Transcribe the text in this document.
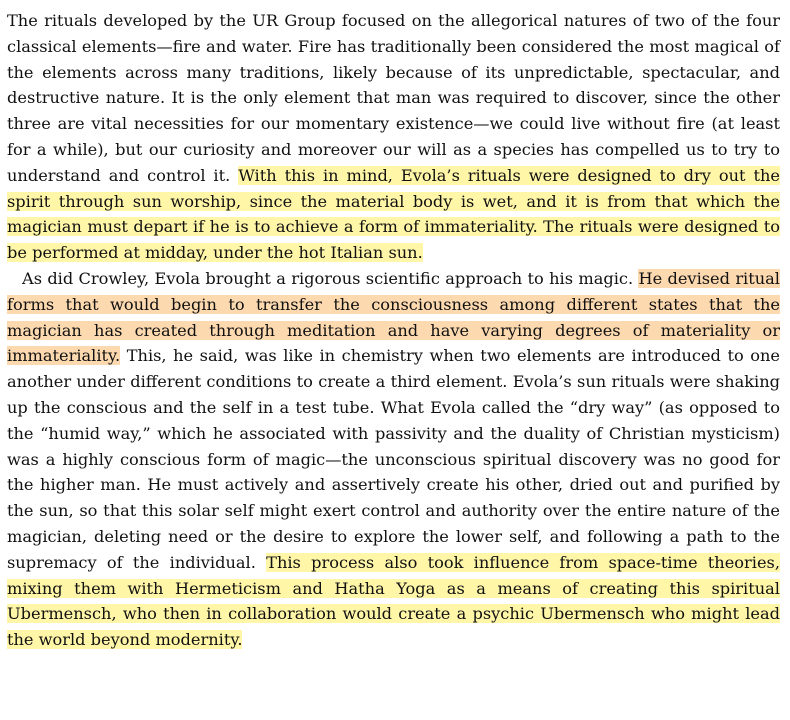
The rituals developed by the UR Group focused on the allegorical natures of two of the four classical elements—fire and water. Fire has traditionally been considered the most magical of the elements across many traditions, likely because of its unpredictable, spectacular, and destructive nature. It is the only element that man was required to discover, since the other three are vital necessities for our momentary existence—we could live without fire (at least for a while), but our curiosity and moreover our will as a species has compelled us to try to understand and control it. With this in mind, Evola’s rituals were designed to dry out the spirit through sun worship, since the material body is wet, and it is from that which the magician must depart if he is to achieve a form of immateriality. The rituals were designed to be performed at midday, under the hot Italian sun.

As did Crowley, Evola brought a rigorous scientific approach to his magic. He devised ritual forms that would begin to transfer the consciousness among different states that the magician has created through meditation and have varying degrees of materiality or immateriality. This, he said, was like in chemistry when two elements are introduced to one another under different conditions to create a third element. Evola’s sun rituals were shaking up the conscious and the self in a test tube. What Evola called the “dry way” (as opposed to the “humid way,” which he associated with passivity and the duality of Christian mysticism) was a highly conscious form of magic—the unconscious spiritual discovery was no good for the higher man. He must actively and assertively create his other, dried out and purified by the sun, so that this solar self might exert control and authority over the entire nature of the magician, deleting need or the desire to explore the lower self, and following a path to the supremacy of the individual. This process also took influence from space-time theories, mixing them with Hermeticism and Hatha Yoga as a means of creating this spiritual Ubermensch, who then in collaboration would create a psychic Ubermensch who might lead the world beyond modernity.
